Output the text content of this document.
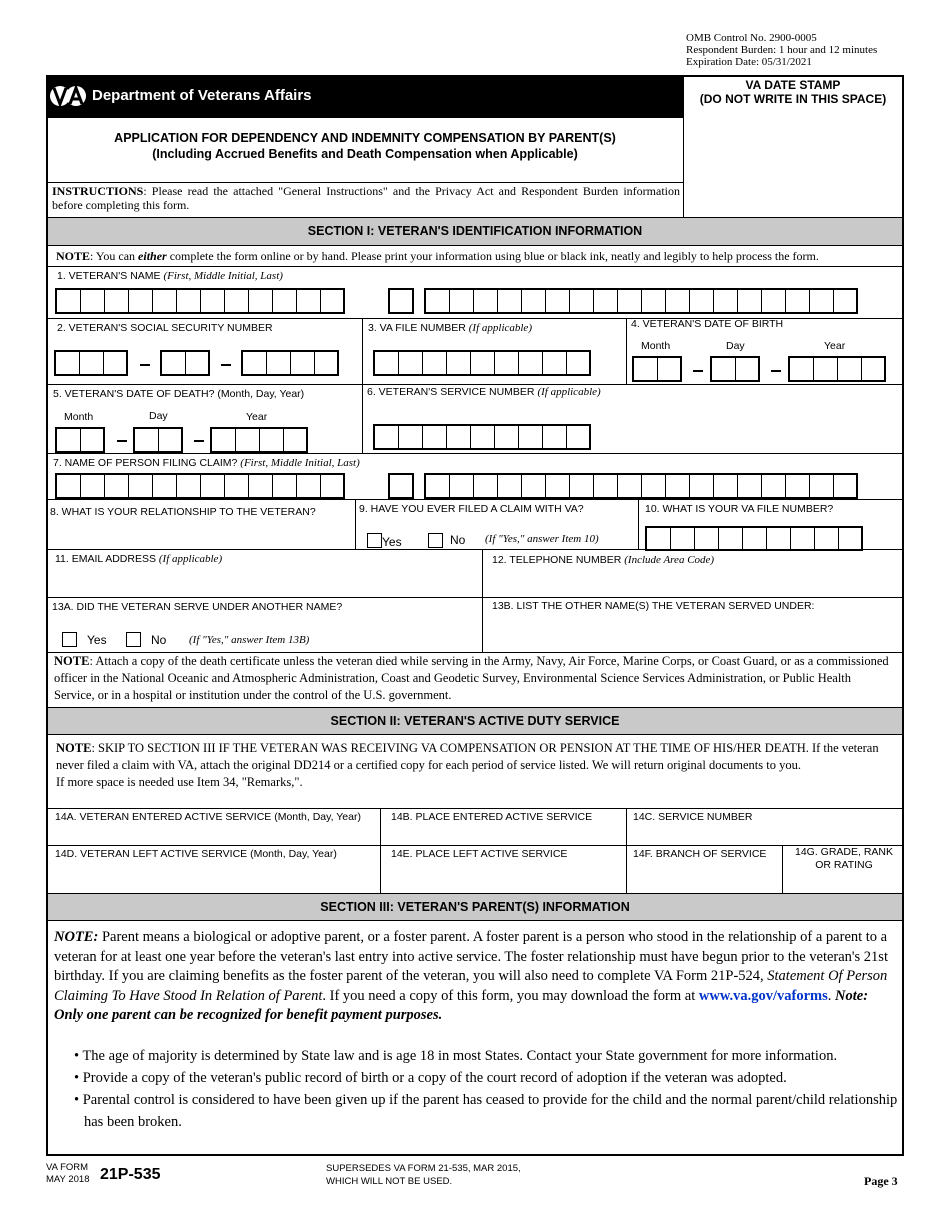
OMB Control No. 2900-0005
Respondent Burden: 1 hour and 12 minutes
Expiration Date: 05/31/2021
Department of Veterans Affairs
VA DATE STAMP
(DO NOT WRITE IN THIS SPACE)
APPLICATION FOR DEPENDENCY AND INDEMNITY COMPENSATION BY PARENT(S)
(Including Accrued Benefits and Death Compensation when Applicable)
INSTRUCTIONS: Please read the attached "General Instructions" and the Privacy Act and Respondent Burden information before completing this form.
SECTION I: VETERAN'S IDENTIFICATION INFORMATION
NOTE: You can either complete the form online or by hand. Please print your information using blue or black ink, neatly and legibly to help process the form.
1. VETERAN'S NAME (First, Middle Initial, Last)
2. VETERAN'S SOCIAL SECURITY NUMBER	3. VA FILE NUMBER (If applicable)	4. VETERAN'S DATE OF BIRTH
Month	Day	Year
5. VETERAN'S DATE OF DEATH? (Month, Day, Year)
Month	Day	Year
6. VETERAN'S SERVICE NUMBER (If applicable)
7. NAME OF PERSON FILING CLAIM? (First, Middle Initial, Last)
8. WHAT IS YOUR RELATIONSHIP TO THE VETERAN?	9. HAVE YOU EVER FILED A CLAIM WITH VA?
Yes	No (If "Yes," answer Item 10)
10. WHAT IS YOUR VA FILE NUMBER?
11. EMAIL ADDRESS (If applicable)	12. TELEPHONE NUMBER (Include Area Code)
13A. DID THE VETERAN SERVE UNDER ANOTHER NAME?
Yes	No (If "Yes," answer Item 13B)
13B. LIST THE OTHER NAME(S) THE VETERAN SERVED UNDER:
NOTE: Attach a copy of the death certificate unless the veteran died while serving in the Army, Navy, Air Force, Marine Corps, or Coast Guard, or as a commissioned officer in the National Oceanic and Atmospheric Administration, Coast and Geodetic Survey, Environmental Science Services Administration, or Public Health Service, or in a hospital or institution under the control of the U.S. government.
SECTION II: VETERAN'S ACTIVE DUTY SERVICE
NOTE: SKIP TO SECTION III IF THE VETERAN WAS RECEIVING VA COMPENSATION OR PENSION AT THE TIME OF HIS/HER DEATH. If the veteran never filed a claim with VA, attach the original DD214 or a certified copy for each period of service listed. We will return original documents to you.
If more space is needed use Item 34, "Remarks,".
14A. VETERAN ENTERED ACTIVE SERVICE (Month, Day, Year)	14B. PLACE ENTERED ACTIVE SERVICE	14C. SERVICE NUMBER
14D. VETERAN LEFT ACTIVE SERVICE (Month, Day, Year)	14E. PLACE LEFT ACTIVE SERVICE	14F. BRANCH OF SERVICE	14G. GRADE, RANK
OR RATING
SECTION III: VETERAN'S PARENT(S) INFORMATION
NOTE: Parent means a biological or adoptive parent, or a foster parent. A foster parent is a person who stood in the relationship of a parent to a veteran for at least one year before the veteran's last entry into active service. The foster relationship must have begun prior to the veteran's 21st birthday. If you are claiming benefits as the foster parent of the veteran, you will also need to complete VA Form 21P-524, Statement Of Person Claiming To Have Stood In Relation of Parent. If you need a copy of this form, you may download the form at www.va.gov/vaforms. Note: Only one parent can be recognized for benefit payment purposes.
• The age of majority is determined by State law and is age 18 in most States. Contact your State government for more information.
• Provide a copy of the veteran's public record of birth or a copy of the court record of adoption if the veteran was adopted.
• Parental control is considered to have been given up if the parent has ceased to provide for the child and the normal parent/child relationship has been broken.
VA FORM
MAY 2018 21P-535	SUPERSEDES VA FORM 21-535, MAR 2015,
WHICH WILL NOT BE USED.	Page 3
